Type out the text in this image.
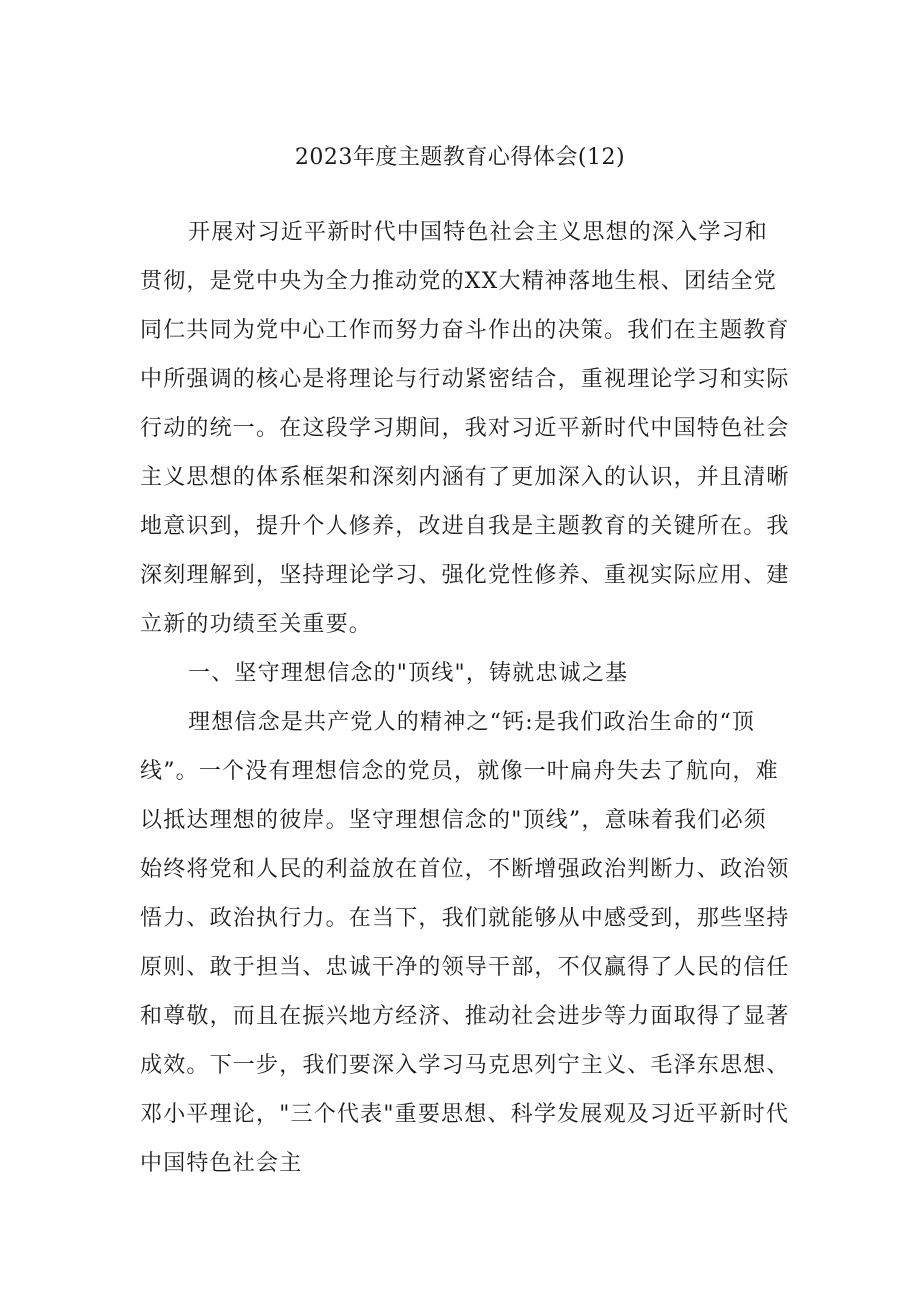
2023年度主题教育心得体会(12)
开展对习近平新时代中国特色社会主义思想的深入学习和
贯彻，是党中央为全力推动党的XX大精神落地生根、团结全党
同仁共同为党中心工作而努力奋斗作出的决策。我们在主题教育
中所强调的核心是将理论与行动紧密结合，重视理论学习和实际
行动的统一。在这段学习期间，我对习近平新时代中国特色社会
主义思想的体系框架和深刻内涵有了更加深入的认识，并且清晰
地意识到，提升个人修养，改进自我是主题教育的关键所在。我
深刻理解到，坚持理论学习、强化党性修养、重视实际应用、建
立新的功绩至关重要。
一、坚守理想信念的"顶线"，铸就忠诚之基
理想信念是共产党人的精神之“钙:是我们政治生命的“顶
线”。一个没有理想信念的党员，就像一叶扁舟失去了航向，难
以抵达理想的彼岸。坚守理想信念的"顶线”，意味着我们必须
始终将党和人民的利益放在首位，不断增强政治判断力、政治领
悟力、政治执行力。在当下，我们就能够从中感受到，那些坚持
原则、敢于担当、忠诚干净的领导干部，不仅赢得了人民的信任
和尊敬，而且在振兴地方经济、推动社会进步等力面取得了显著
成效。下一步，我们要深入学习马克思列宁主义、毛泽东思想、
邓小平理论，"三个代表"重要思想、科学发展观及习近平新时代
中国特色社会主
